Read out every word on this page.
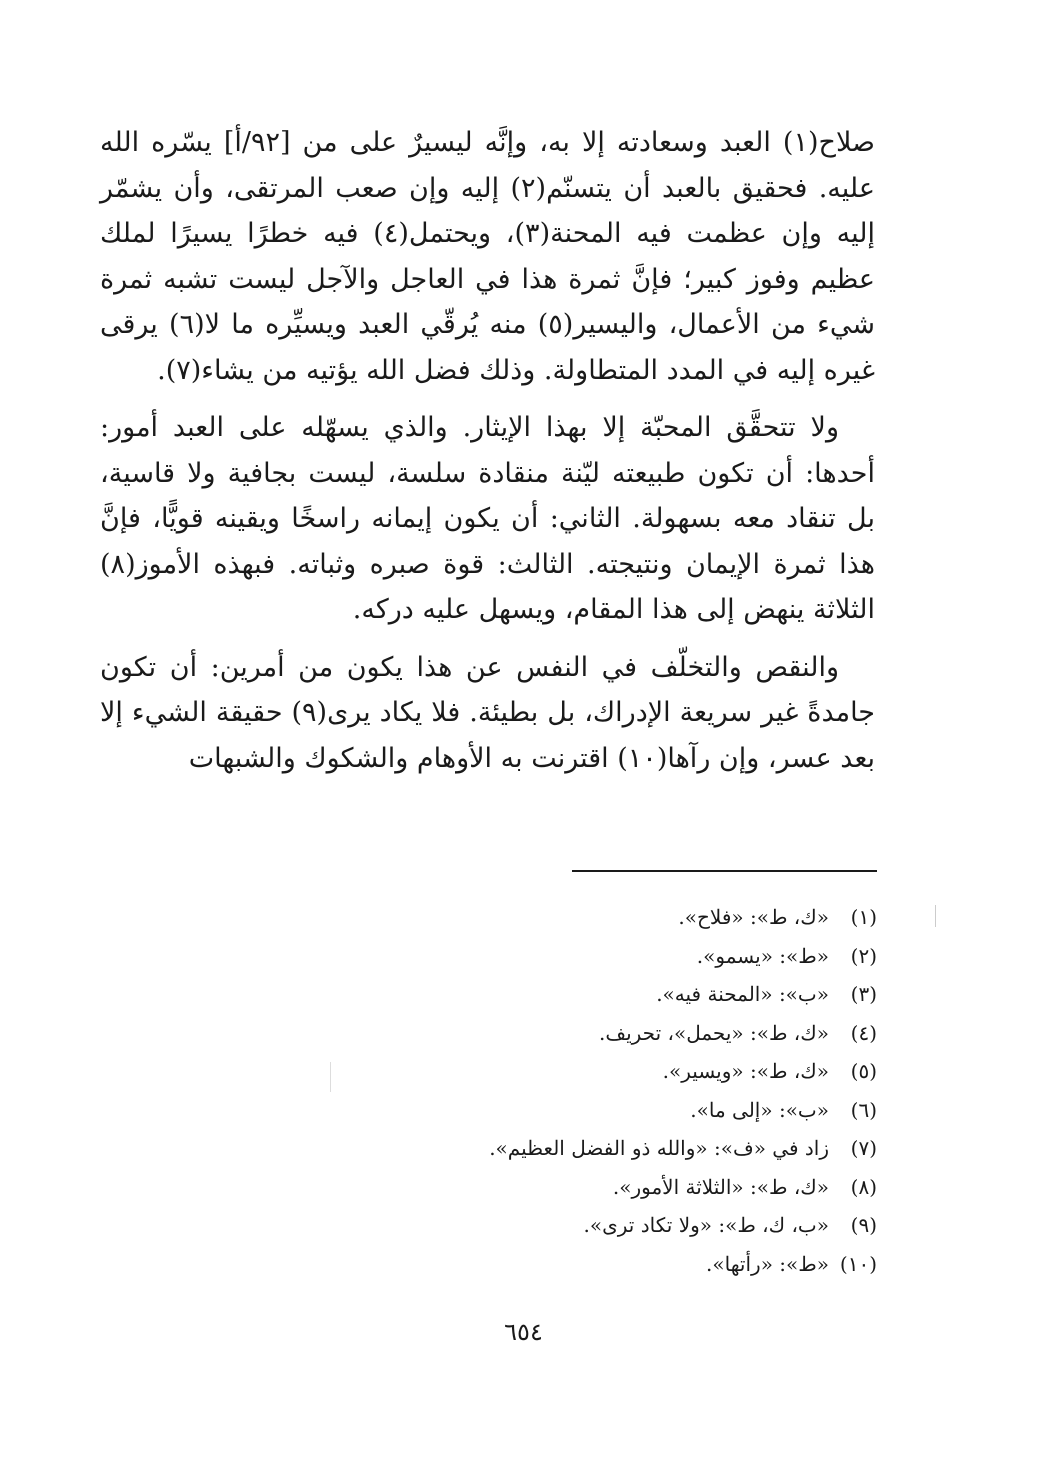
صلاح(١) العبد وسعادته إلا به، وإنَّه ليسيرٌ على من [٩٢/أ] يسّره الله عليه. فحقيق بالعبد أن يتسنّم(٢) إليه وإن صعب المرتقى، وأن يشمّر إليه وإن عظمت فيه المحنة(٣)، ويحتمل(٤) فيه خطرًا يسيرًا لملك عظيم وفوز كبير؛ فإنَّ ثمرة هذا في العاجل والآجل ليست تشبه ثمرة شيء من الأعمال، واليسير(٥) منه يُرقّي العبد ويسيِّره ما لا(٦) يرقى غيره إليه في المدد المتطاولة. وذلك فضل الله يؤتيه من يشاء(٧).

ولا تتحقَّق المحبّة إلا بهذا الإيثار. والذي يسهّله على العبد أمور: أحدها: أن تكون طبيعته ليّنة منقادة سلسة، ليست بجافية ولا قاسية، بل تنقاد معه بسهولة. الثاني: أن يكون إيمانه راسخًا ويقينه قويًّا، فإنَّ هذا ثمرة الإيمان ونتيجته. الثالث: قوة صبره وثباته. فبهذه الأموز(٨) الثلاثة ينهض إلى هذا المقام، ويسهل عليه دركه.

والنقص والتخلّف في النفس عن هذا يكون من أمرين: أن تكون جامدةً غير سريعة الإدراك، بل بطيئة. فلا يكاد يرى(٩) حقيقة الشيء إلا بعد عسر، وإن رآها(١٠) اقترنت به الأوهام والشكوك والشبهات

(١)«ك، ط»: «فلاح».
(٢)«ط»: «يسمو».
(٣)«ب»: «المحنة فيه».
(٤)«ك، ط»: «يحمل»، تحريف.
(٥)«ك، ط»: «ويسير».
(٦)«ب»: «إلى ما».
(٧)زاد في «ف»: «والله ذو الفضل العظيم».
(٨)«ك، ط»: «الثلاثة الأمور».
(٩)«ب، ك، ط»: «ولا تكاد ترى».
(١٠)«ط»: «رأتها».
٦٥٤
